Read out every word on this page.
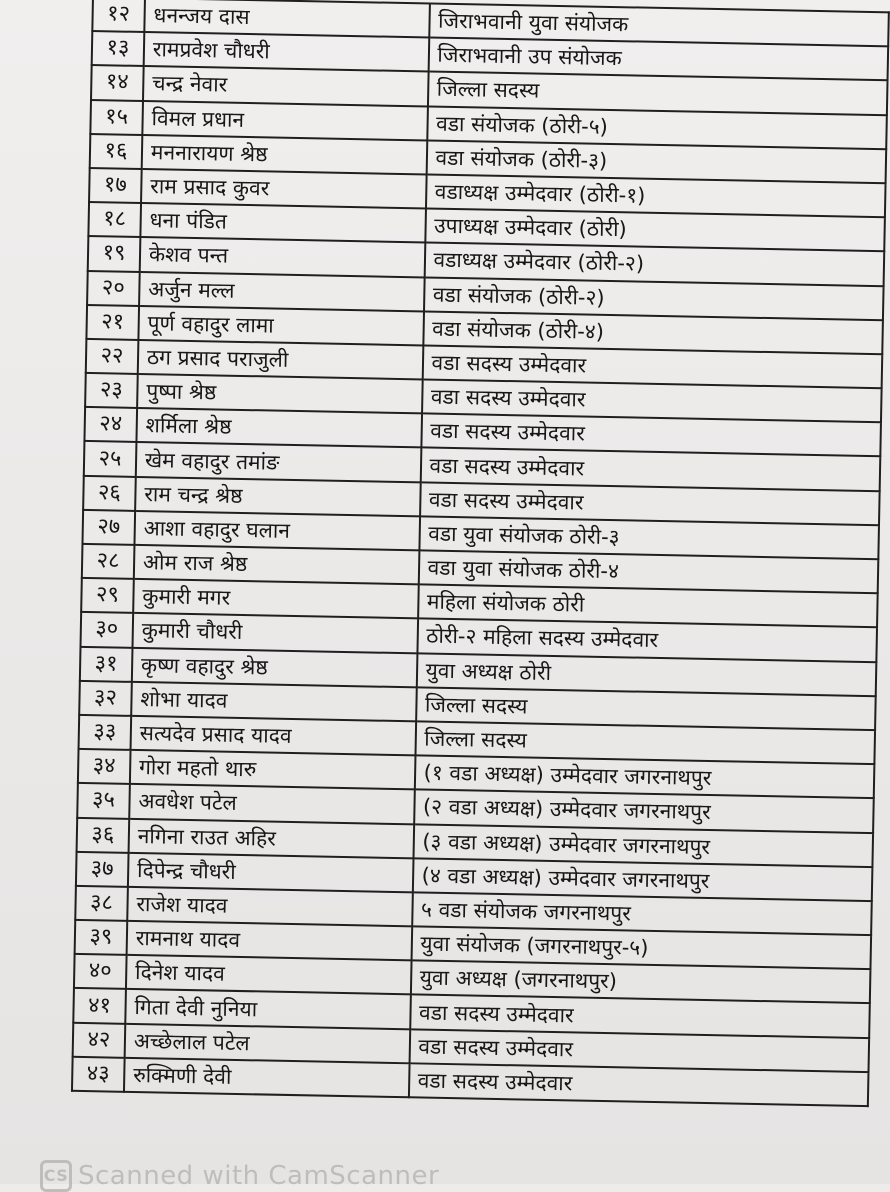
१२	धनन्जय दास	जिराभवानी युवा संयोजक
१३	रामप्रवेश चौधरी	जिराभवानी उप संयोजक
१४	चन्द्र नेवार	जिल्ला सदस्य
१५	विमल प्रधान	वडा संयोजक (ठोरी-५)
१६	मननारायण श्रेष्ठ	वडा संयोजक (ठोरी-३)
१७	राम प्रसाद कुवर	वडाध्यक्ष उम्मेदवार (ठोरी-१)
१८	धना पंडित	उपाध्यक्ष उम्मेदवार (ठोरी)
१९	केशव पन्त	वडाध्यक्ष उम्मेदवार (ठोरी-२)
२०	अर्जुन मल्ल	वडा संयोजक (ठोरी-२)
२१	पूर्ण वहादुर लामा	वडा संयोजक (ठोरी-४)
२२	ठग प्रसाद पराजुली	वडा सदस्य उम्मेदवार
२३	पुष्पा श्रेष्ठ	वडा सदस्य उम्मेदवार
२४	शर्मिला श्रेष्ठ	वडा सदस्य उम्मेदवार
२५	खेम वहादुर तमांङ	वडा सदस्य उम्मेदवार
२६	राम चन्द्र श्रेष्ठ	वडा सदस्य उम्मेदवार
२७	आशा वहादुर घलान	वडा युवा संयोजक ठोरी-३
२८	ओम राज श्रेष्ठ	वडा युवा संयोजक ठोरी-४
२९	कुमारी मगर	महिला संयोजक ठोरी
३०	कुमारी चौधरी	ठोरी-२ महिला सदस्य उम्मेदवार
३१	कृष्ण वहादुर श्रेष्ठ	युवा अध्यक्ष ठोरी
३२	शोभा यादव	जिल्ला सदस्य
३३	सत्यदेव प्रसाद यादव	जिल्ला सदस्य
३४	गोरा महतो थारु	(१ वडा अध्यक्ष) उम्मेदवार जगरनाथपुर
३५	अवधेश पटेल	(२ वडा अध्यक्ष) उम्मेदवार जगरनाथपुर
३६	नगिना राउत अहिर	(३ वडा अध्यक्ष) उम्मेदवार जगरनाथपुर
३७	दिपेन्द्र चौधरी	(४ वडा अध्यक्ष) उम्मेदवार जगरनाथपुर
३८	राजेश यादव	५ वडा संयोजक जगरनाथपुर
३९	रामनाथ यादव	युवा संयोजक (जगरनाथपुर-५)
४०	दिनेश यादव	युवा अध्यक्ष (जगरनाथपुर)
४१	गिता देवी नुनिया	वडा सदस्य उम्मेदवार
४२	अच्छेलाल पटेल	वडा सदस्य उम्मेदवार
४३	रुक्मिणी देवी	वडा सदस्य उम्मेदवार
CS Scanned with CamScanner
